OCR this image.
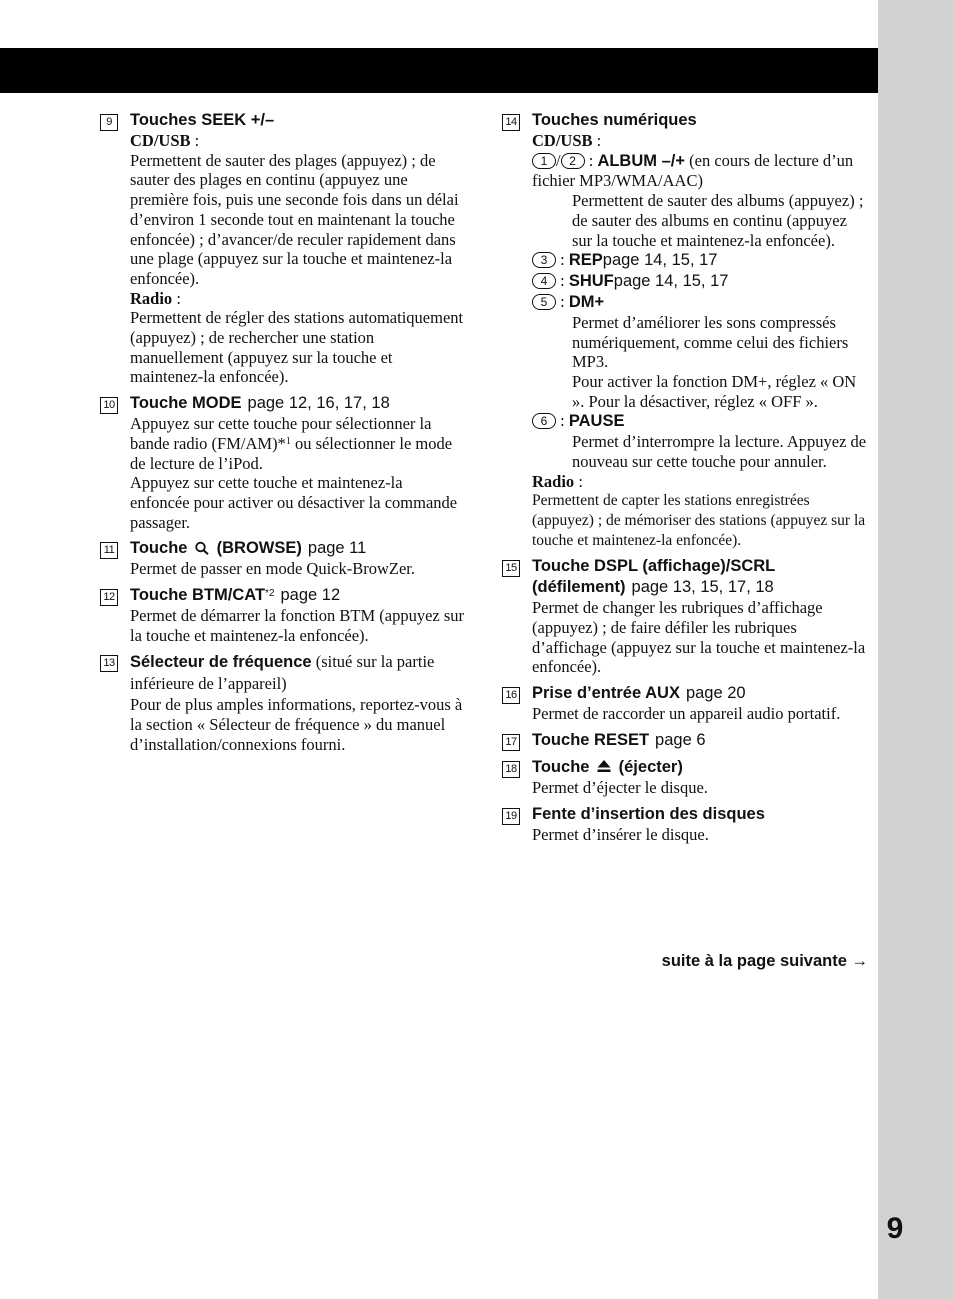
9
9	Touches SEEK +/–
CD/USB :
Permettent de sauter des plages (appuyez) ; de sauter des plages en continu (appuyez une première fois, puis une seconde fois dans un délai d’environ 1 seconde tout en maintenant la touche enfoncée) ; d’avancer/de reculer rapidement dans une plage (appuyez sur la touche et maintenez-la enfoncée).
Radio :
Permettent de régler des stations automatiquement (appuyez) ; de rechercher une station manuellement (appuyez sur la touche et maintenez-la enfoncée).
10 Touche MODE page 12, 16, 17, 18
Appuyez sur cette touche pour sélectionner la bande radio (FM/AM)*$^1$ ou sélectionner le mode de lecture de l’iPod.
Appuyez sur cette touche et maintenez-la enfoncée pour activer ou désactiver la commande passager.
11 Touche (BROWSE) page 11
Permet de passer en mode Quick-BrowZer.
12 Touche BTM/CAT$^{*2}$ page 12
Permet de démarrer la fonction BTM (appuyez sur la touche et maintenez-la enfoncée).
13 Sélecteur de fréquence (situé sur la partie inférieure de l’appareil)
Pour de plus amples informations, reportez-vous à la section « Sélecteur de fréquence » du manuel d’installation/connexions fourni.
14 Touches numériques
CD/USB :
1 / 2 : ALBUM –/+ (en cours de lecture d’un fichier MP3/WMA/AAC)
Permettent de sauter des albums (appuyez) ; de sauter des albums en continu (appuyez sur la touche et maintenez-la enfoncée).
3 : REPpage 14, 15, 17
4 : SHUFpage 14, 15, 17
5 : DM+
Permet d’améliorer les sons compressés numériquement, comme celui des fichiers MP3.
Pour activer la fonction DM+, réglez « ON ». Pour la désactiver, réglez « OFF ».
6 : PAUSE
Permet d’interrompre la lecture. Appuyez de nouveau sur cette touche pour annuler.
Radio :
Permettent de capter les stations enregistrées (appuyez) ; de mémoriser des stations (appuyez sur la touche et maintenez-la enfoncée).
15 Touche DSPL (affichage)/SCRL (défilement) page 13, 15, 17, 18
Permet de changer les rubriques d’affichage (appuyez) ; de faire défiler les rubriques d’affichage (appuyez sur la touche et maintenez-la enfoncée).
16 Prise d’entrée AUX page 20
Permet de raccorder un appareil audio portatif.
17 Touche RESET page 6
18 Touche (éjecter)
Permet d’éjecter le disque.
19 Fente d’insertion des disques
Permet d’insérer le disque.
suite à la page suivante →
